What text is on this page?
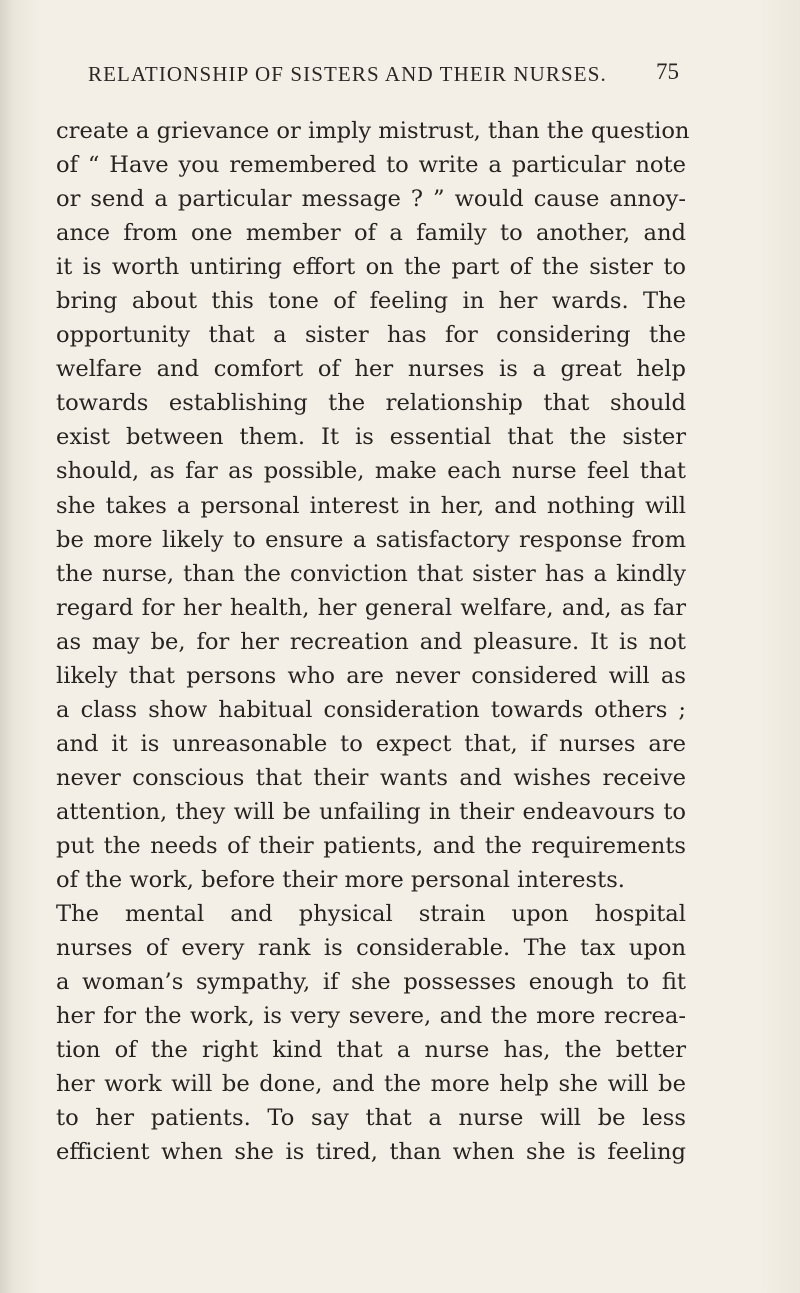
RELATIONSHIP OF SISTERS AND THEIR NURSES.	75
create a grievance or imply mistrust, than the question
of “ Have you remembered to write a particular note
or send a particular message ? ” would cause annoy-
ance from one member of a family to another, and
it is worth untiring effort on the part of the sister to
bring about this tone of feeling in her wards. The
opportunity that a sister has for considering the
welfare and comfort of her nurses is a great help
towards establishing the relationship that should
exist between them. It is essential that the sister
should, as far as possible, make each nurse feel that
she takes a personal interest in her, and nothing will
be more likely to ensure a satisfactory response from
the nurse, than the conviction that sister has a kindly
regard for her health, her general welfare, and, as far
as may be, for her recreation and pleasure. It is not
likely that persons who are never considered will as
a class show habitual consideration towards others ;
and it is unreasonable to expect that, if nurses are
never conscious that their wants and wishes receive
attention, they will be unfailing in their endeavours to
put the needs of their patients, and the requirements
of the work, before their more personal interests.
The mental and physical strain upon hospital
nurses of every rank is considerable. The tax upon
a woman’s sympathy, if she possesses enough to fit
her for the work, is very severe, and the more recrea-
tion of the right kind that a nurse has, the better
her work will be done, and the more help she will be
to her patients. To say that a nurse will be less
efficient when she is tired, than when she is feeling
